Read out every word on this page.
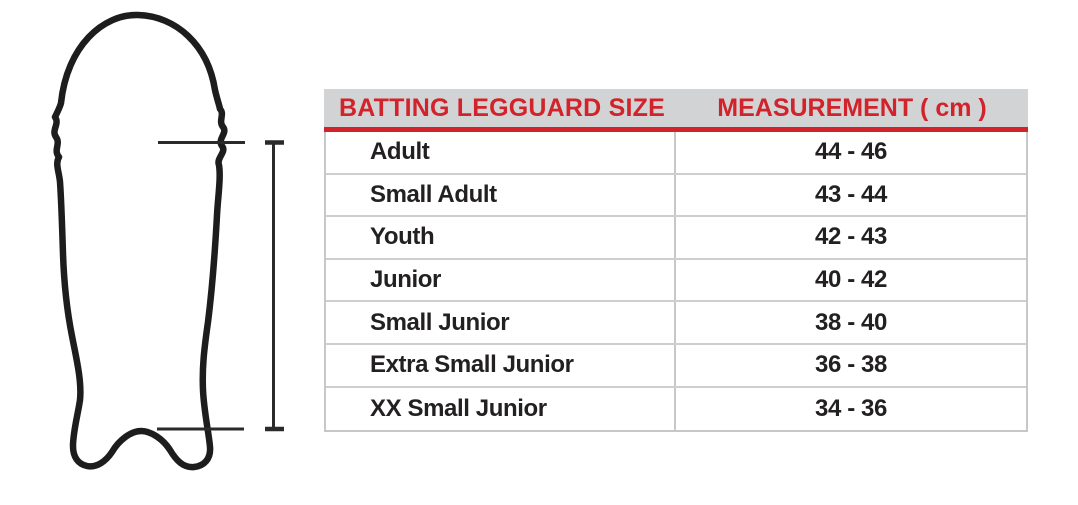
BATTING LEGGUARD SIZE	MEASUREMENT ( cm )
Adult	44 - 46
Small Adult	43 - 44
Youth	42 - 43
Junior	40 - 42
Small Junior	38 - 40
Extra Small Junior	36 - 38
XX Small Junior	34 - 36
